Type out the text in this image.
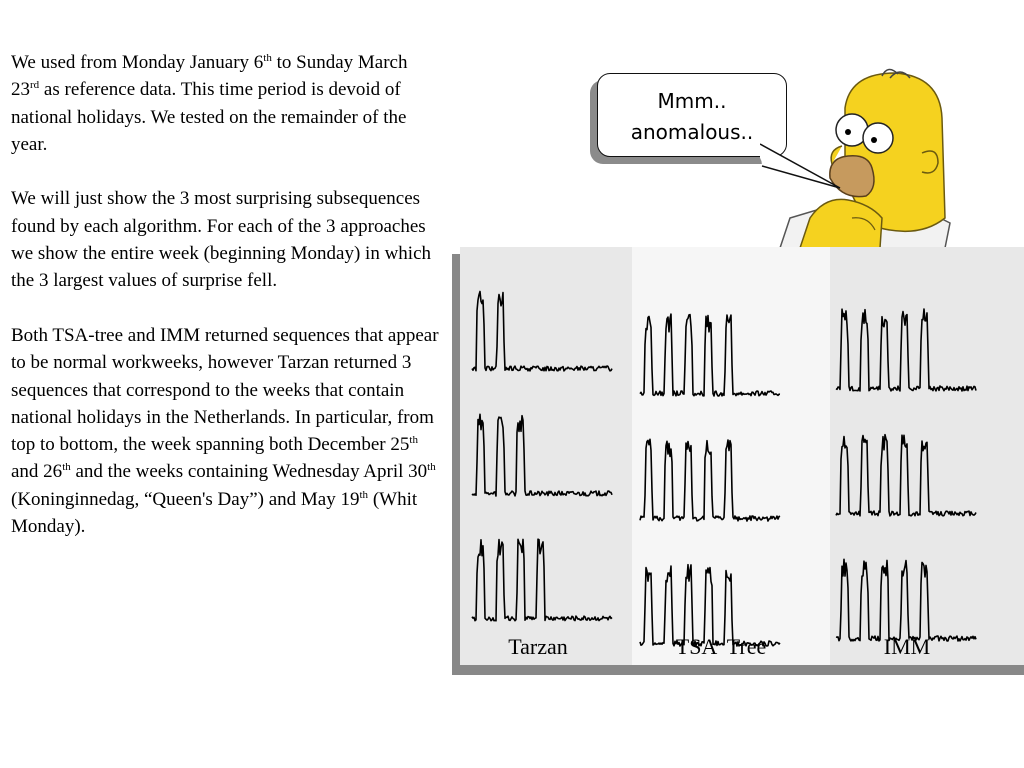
We used from Monday January 6th to Sunday March 23rd as reference data. This time period is devoid of national holidays. We tested on the remainder of the year.

We will just show the 3 most surprising subsequences found by each algorithm. For each of the 3 approaches we show the entire week (beginning Monday) in which the 3 largest values of surprise fell.

Both TSA-tree and IMM returned sequences that appear to be normal workweeks, however Tarzan returned 3 sequences that correspond to the weeks that contain national holidays in the Netherlands. In particular, from top to bottom, the week spanning both December 25th and 26th and the weeks containing Wednesday April 30th (Koninginnedag, “Queen's Day”) and May 19th (Whit Monday).

Mmm..
anomalous..
Tarzan	TSA  Tree	IMM
